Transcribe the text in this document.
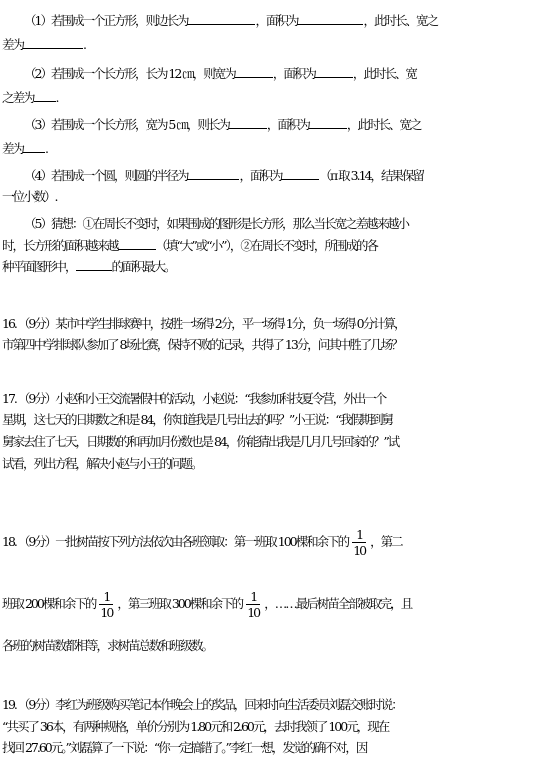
（1）若围成一个正方形，则边长为	，面积为	，此时长、宽之
差为	.
（2）若围成一个长方形，长为 12 ㎝，则宽为	，面积为	，此时长、宽
之差为 .
（3）若围成一个长方形，宽为 5 ㎝，则长为	，面积为	，此时长、宽之
差为 .
（4）若围成一个圆，则圆的半径为	，面积为	（π 取 3.14，结果保留
一位小数）.
（5）猜想：①在周长不变时，如果围成的图形是长方形，那么当长宽之差越来越小
时，长方形的面积越来越	（填“大”或“小”），②在周长不变时，所围成的各
种平面图形中，	的面积最大。
16. （9分）某市中学生排球赛中，按胜一场得 2分，平一场得 1分，负一场得 0分计算，
市第四中学排球队参加了 8场比赛，保持不败的记录，共得了 13分，问其中胜了几场？
17. （9分）小赵和小王交流暑假中的活动，小赵说：“我参加科技夏令营，外出一个
星期，这七天的日期数之和是 84，你知道我是几号出去的吗？”小王说：“我假期到舅
舅家去住了七天，日期数的和再加月份数也是 84，你能猜出我是几月几号回家的？”试
试看，列出方程，解决小赵与小王的问题。
18. （9分）一批树苗按下列方法依次由各班领取：第一班取 100棵和余下的 $\frac{1}{10}$ ，第二
班取 200棵和余下的 $\frac{1}{10}$ ，第三班取 300棵和余下的 $\frac{1}{10}$ ，……最后树苗全部被取完，且
各班的树苗数都相等，求树苗总数和班级数。
19. （9分）李红为班级购买笔记本作晚会上的奖品，回来时向生活委员刘磊交账时说：
“共买了 36本，有两种规格，单价分别为 1.80元和 2.60元，去时我领了 100元，现在
找回 27.60元。”刘磊算了一下说：“你一定搞错了。”李红一想，发觉的确不对，因
